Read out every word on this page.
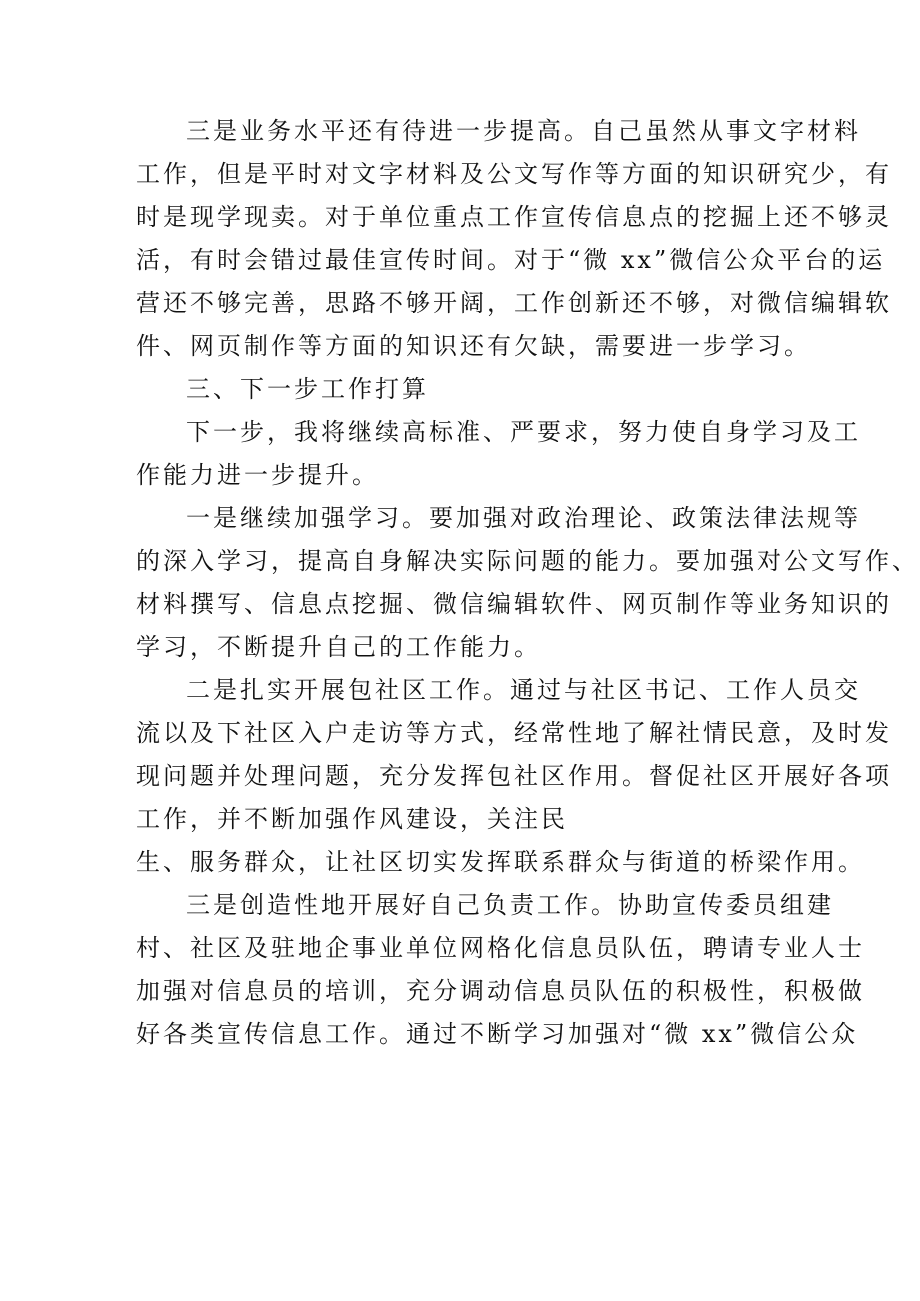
三是业务水平还有待进一步提高。自己虽然从事文字材料
工作，但是平时对文字材料及公文写作等方面的知识研究少，有
时是现学现卖。对于单位重点工作宣传信息点的挖掘上还不够灵
活，有时会错过最佳宣传时间。对于“微 xx”微信公众平台的运
营还不够完善，思路不够开阔，工作创新还不够，对微信编辑软
件、网页制作等方面的知识还有欠缺，需要进一步学习。
三、下一步工作打算
下一步，我将继续高标准、严要求，努力使自身学习及工
作能力进一步提升。
一是继续加强学习。要加强对政治理论、政策法律法规等
的深入学习，提高自身解决实际问题的能力。要加强对公文写作、
材料撰写、信息点挖掘、微信编辑软件、网页制作等业务知识的
学习，不断提升自己的工作能力。
二是扎实开展包社区工作。通过与社区书记、工作人员交
流以及下社区入户走访等方式，经常性地了解社情民意，及时发
现问题并处理问题，充分发挥包社区作用。督促社区开展好各项
工作，并不断加强作风建设，关注民
生、服务群众，让社区切实发挥联系群众与街道的桥梁作用。
三是创造性地开展好自己负责工作。协助宣传委员组建
村、社区及驻地企事业单位网格化信息员队伍，聘请专业人士
加强对信息员的培训，充分调动信息员队伍的积极性，积极做
好各类宣传信息工作。通过不断学习加强对“微 xx”微信公众
